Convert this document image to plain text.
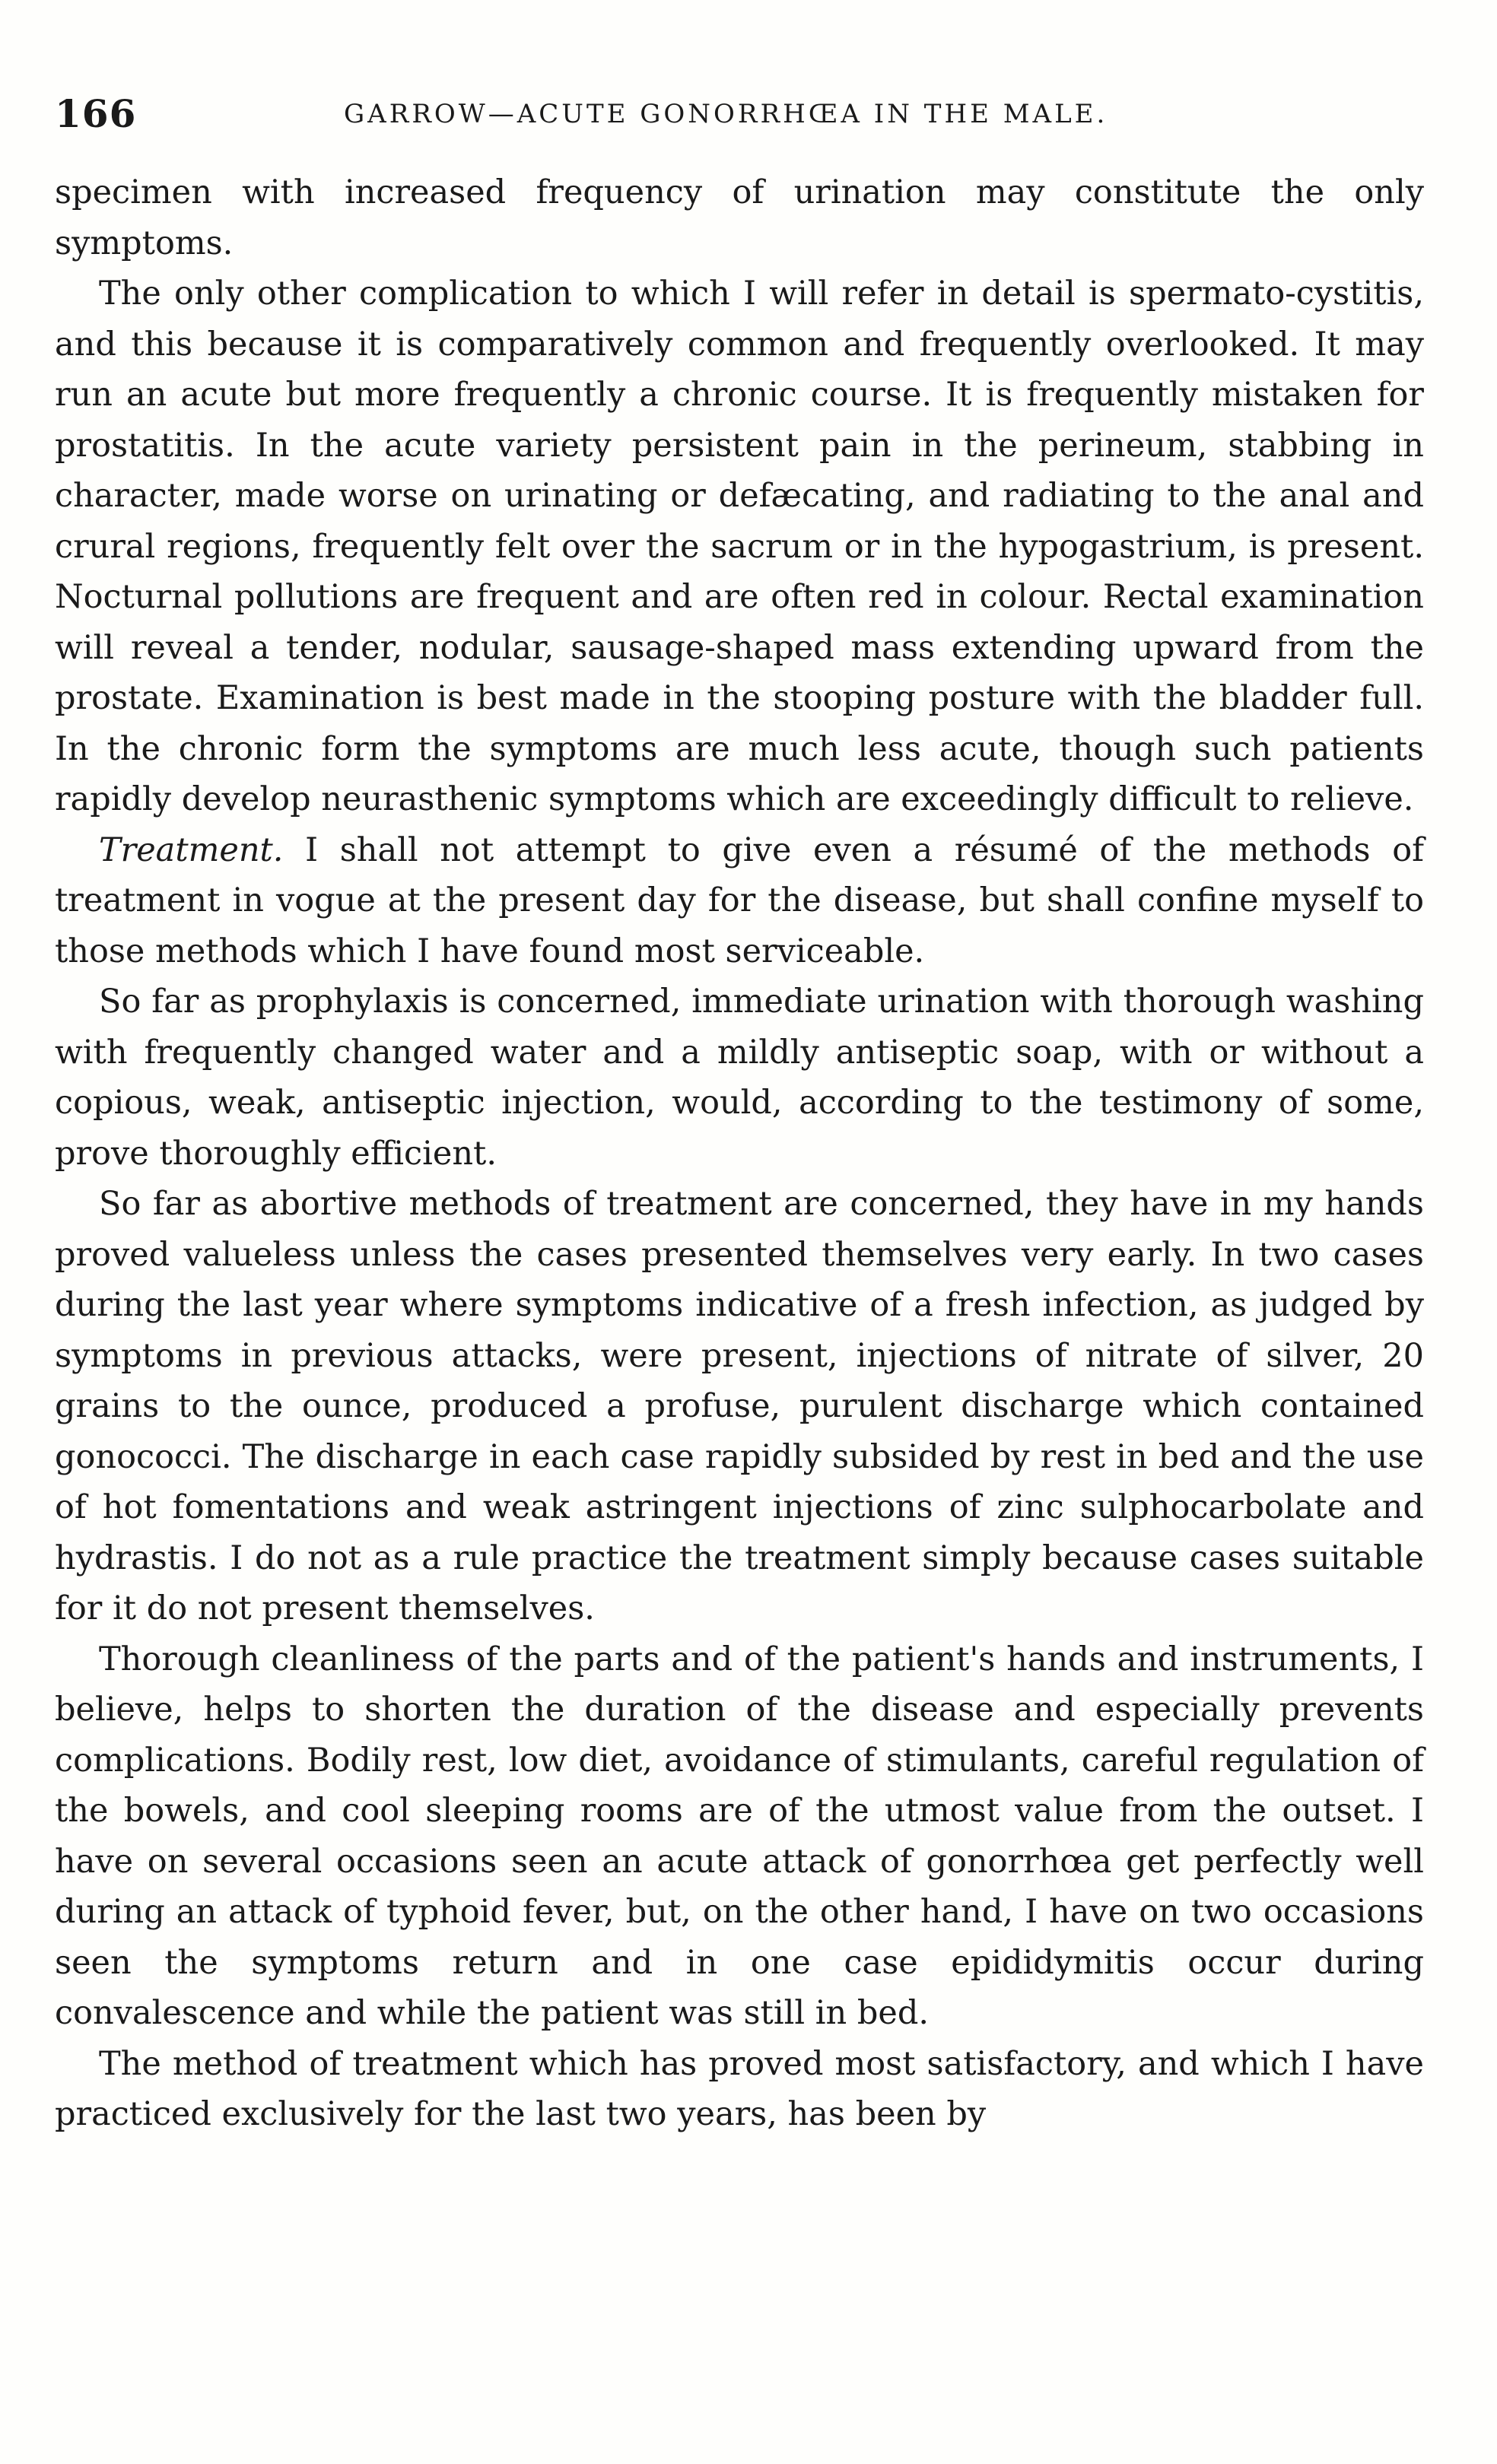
166	GARROW—ACUTE GONORRHŒA IN THE MALE.

specimen with increased frequency of urination may constitute the only symptoms.

The only other complication to which I will refer in detail is spermato-cystitis, and this because it is comparatively common and frequently overlooked. It may run an acute but more frequently a chronic course. It is frequently mistaken for prostatitis. In the acute variety persistent pain in the perineum, stabbing in character, made worse on urinating or defæcating, and radiating to the anal and crural regions, frequently felt over the sacrum or in the hypogastrium, is present. Nocturnal pollutions are frequent and are often red in colour. Rectal examination will reveal a tender, nodular, sausage-shaped mass extending upward from the prostate. Examination is best made in the stooping posture with the bladder full. In the chronic form the symptoms are much less acute, though such patients rapidly develop neurasthenic symptoms which are exceedingly difficult to relieve.

Treatment. I shall not attempt to give even a résumé of the methods of treatment in vogue at the present day for the disease, but shall confine myself to those methods which I have found most serviceable.

So far as prophylaxis is concerned, immediate urination with thorough washing with frequently changed water and a mildly antiseptic soap, with or without a copious, weak, antiseptic injection, would, according to the testimony of some, prove thoroughly efficient.

So far as abortive methods of treatment are concerned, they have in my hands proved valueless unless the cases presented themselves very early. In two cases during the last year where symptoms indicative of a fresh infection, as judged by symptoms in previous attacks, were present, injections of nitrate of silver, 20 grains to the ounce, produced a profuse, purulent discharge which contained gonococci. The discharge in each case rapidly subsided by rest in bed and the use of hot fomentations and weak astringent injections of zinc sulphocarbolate and hydrastis. I do not as a rule practice the treatment simply because cases suitable for it do not present themselves.

Thorough cleanliness of the parts and of the patient's hands and instruments, I believe, helps to shorten the duration of the disease and especially prevents complications. Bodily rest, low diet, avoidance of stimulants, careful regulation of the bowels, and cool sleeping rooms are of the utmost value from the outset. I have on several occasions seen an acute attack of gonorrhœa get perfectly well during an attack of typhoid fever, but, on the other hand, I have on two occasions seen the symptoms return and in one case epididymitis occur during convalescence and while the patient was still in bed.

The method of treatment which has proved most satisfactory, and which I have practiced exclusively for the last two years, has been by
